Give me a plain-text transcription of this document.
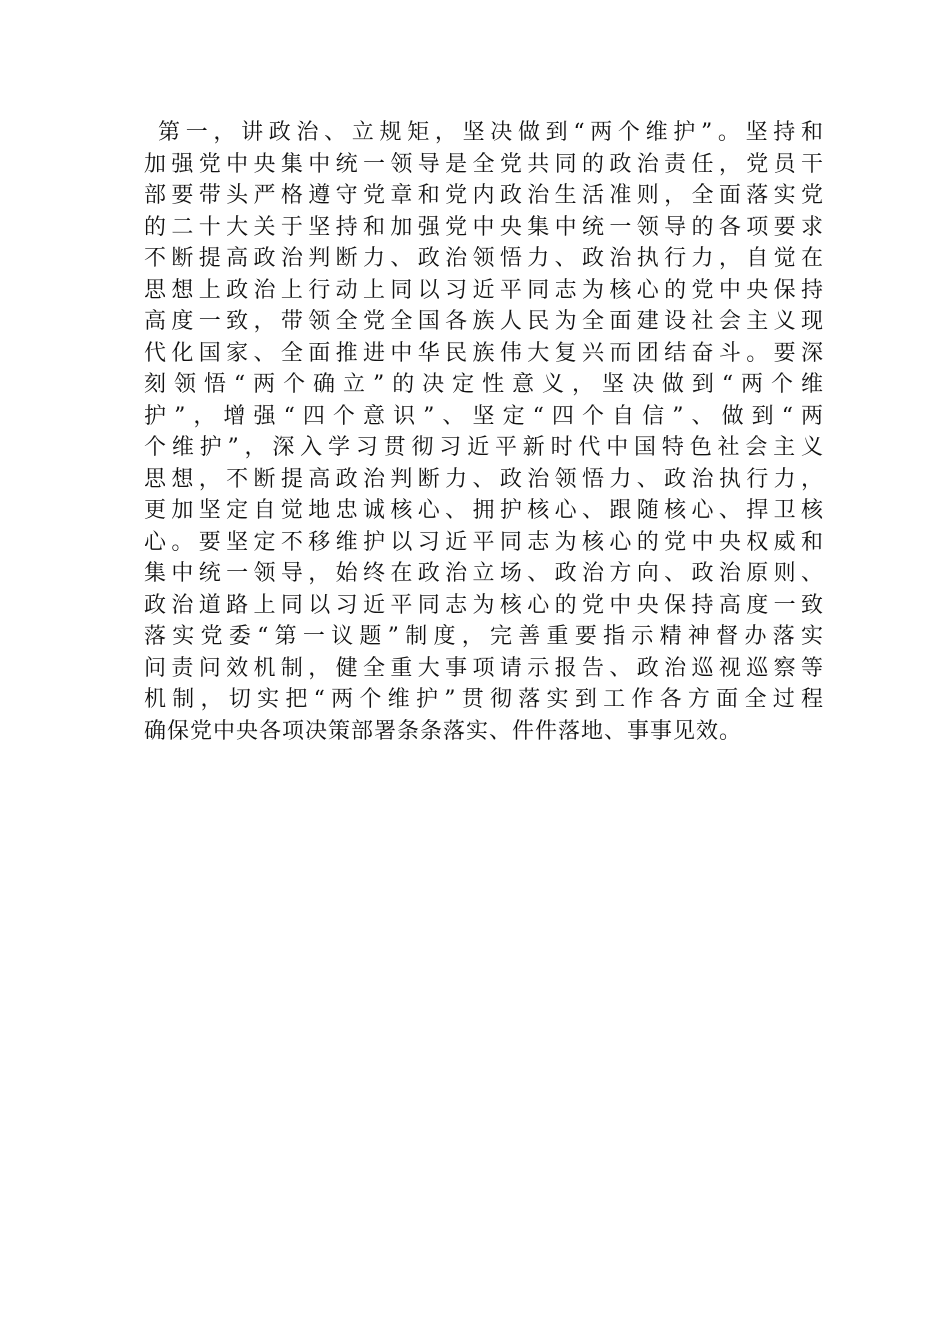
第一，讲政治、立规矩，坚决做到“两个维护”。坚持和
加强党中央集中统一领导是全党共同的政治责任，党员干
部要带头严格遵守党章和党内政治生活准则，全面落实党
的二十大关于坚持和加强党中央集中统一领导的各项要求
不断提高政治判断力、政治领悟力、政治执行力，自觉在
思想上政治上行动上同以习近平同志为核心的党中央保持
高度一致，带领全党全国各族人民为全面建设社会主义现
代化国家、全面推进中华民族伟大复兴而团结奋斗。要深
刻领悟“两个确立”的决定性意义，坚决做到“两个维
护”，增强“四个意识”、坚定“四个自信”、做到“两
个维护”，深入学习贯彻习近平新时代中国特色社会主义
思想，不断提高政治判断力、政治领悟力、政治执行力，
更加坚定自觉地忠诚核心、拥护核心、跟随核心、捍卫核
心。要坚定不移维护以习近平同志为核心的党中央权威和
集中统一领导，始终在政治立场、政治方向、政治原则、
政治道路上同以习近平同志为核心的党中央保持高度一致
落实党委“第一议题”制度，完善重要指示精神督办落实
问责问效机制，健全重大事项请示报告、政治巡视巡察等
机制，切实把“两个维护”贯彻落实到工作各方面全过程
确保党中央各项决策部署条条落实、件件落地、事事见效。
